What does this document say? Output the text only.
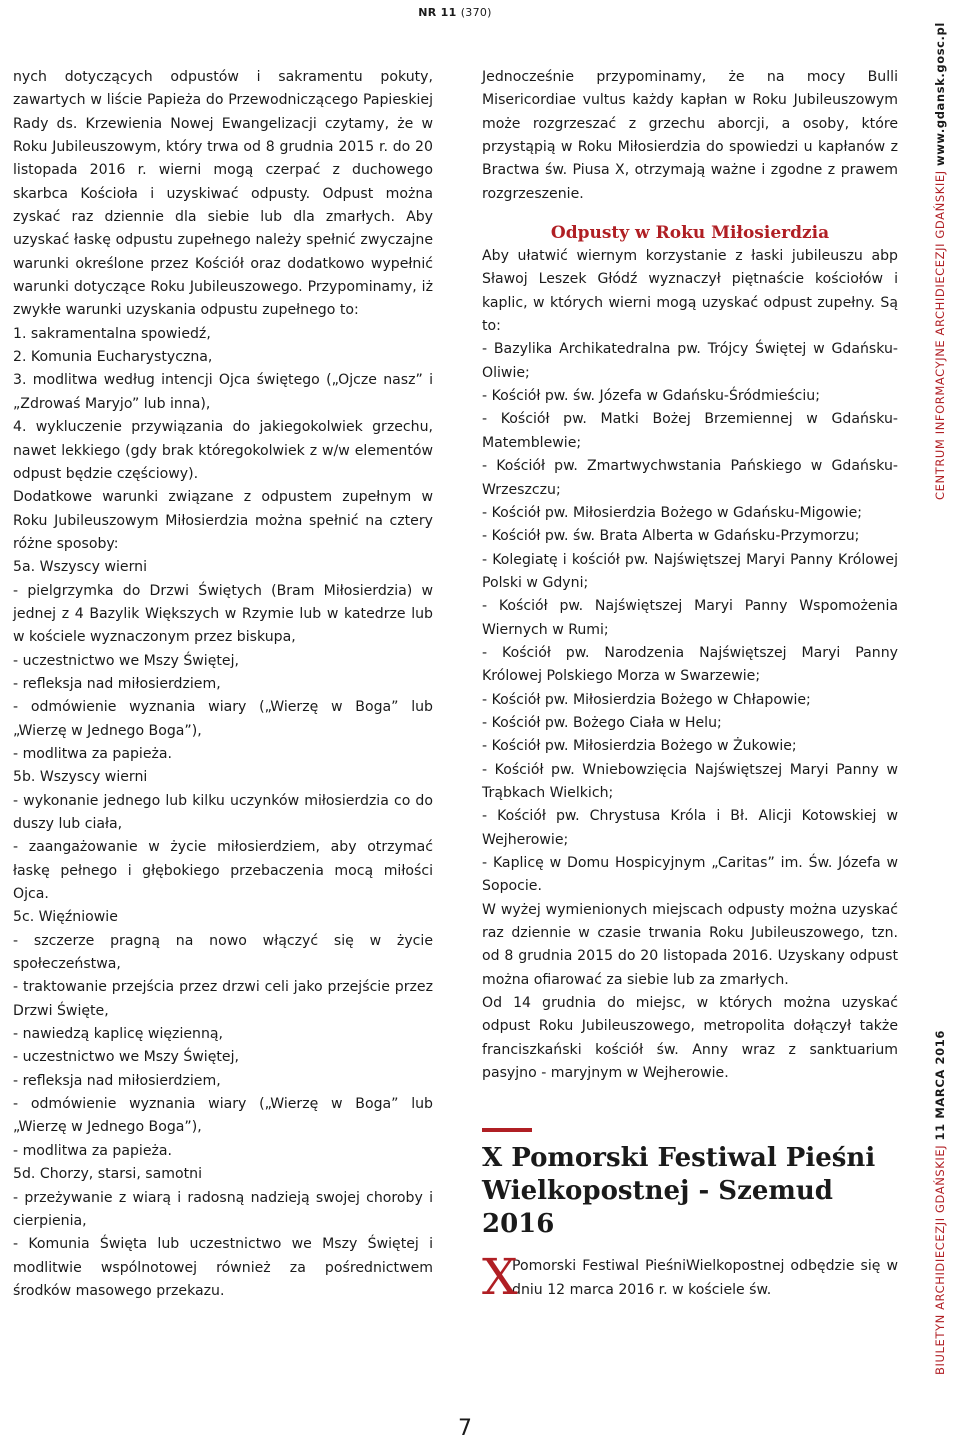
NR 11 (370)

nych dotyczących odpustów i sakramentu pokuty, zawartych w liście Papieża do Przewodniczącego Papieskiej Rady ds. Krzewienia Nowej Ewangelizacji czytamy, że w Roku Jubileuszowym, który trwa od 8 grudnia 2015 r. do 20 listopada 2016 r. wierni mogą czerpać z duchowego skarbca Kościoła i uzyskiwać odpusty. Odpust można zyskać raz dziennie dla siebie lub dla zmarłych. Aby uzyskać łaskę odpustu zupełnego należy spełnić zwyczajne warunki określone przez Kościół oraz dodatkowo wypełnić warunki dotyczące Roku Jubileuszowego. Przypominamy, iż zwykłe warunki uzyskania odpustu zupełnego to:

1. sakramentalna spowiedź,

2. Komunia Eucharystyczna,

3. modlitwa według intencji Ojca świętego („Ojcze nasz” i „Zdrowaś Maryjo” lub inna),

4. wykluczenie przywiązania do jakiegokolwiek grzechu, nawet lekkiego (gdy brak któregokolwiek z w/w elementów odpust będzie częściowy).

Dodatkowe warunki związane z odpustem zupełnym w Roku Jubileuszowym Miłosierdzia można spełnić na cztery różne sposoby:

5a. Wszyscy wierni

- pielgrzymka do Drzwi Świętych (Bram Miłosierdzia) w jednej z 4 Bazylik Większych w Rzymie lub w katedrze lub w kościele wyznaczonym przez biskupa,

- uczestnictwo we Mszy Świętej,

- refleksja nad miłosierdziem,

- odmówienie wyznania wiary („Wierzę w Boga” lub „Wierzę w Jednego Boga”),

- modlitwa za papieża.

5b. Wszyscy wierni

- wykonanie jednego lub kilku uczynków miłosierdzia co do duszy lub ciała,

- zaangażowanie w życie miłosierdziem, aby otrzymać łaskę pełnego i głębokiego przebaczenia mocą miłości Ojca.

5c. Więźniowie

- szczerze pragną na nowo włączyć się w życie społeczeństwa,

- traktowanie przejścia przez drzwi celi jako przejście przez Drzwi Święte,

- nawiedzą kaplicę więzienną,

- uczestnictwo we Mszy Świętej,

- refleksja nad miłosierdziem,

- odmówienie wyznania wiary („Wierzę w Boga” lub „Wierzę w Jednego Boga”),

- modlitwa za papieża.

5d. Chorzy, starsi, samotni

- przeżywanie z wiarą i radosną nadzieją swojej choroby i cierpienia,

- Komunia Święta lub uczestnictwo we Mszy Świętej i modlitwie wspólnotowej również za pośrednictwem środków masowego przekazu.

Jednocześnie przypominamy, że na mocy Bulli Misericordiae vultus każdy kapłan w Roku Jubileuszowym może rozgrzeszać z grzechu aborcji, a osoby, które przystąpią w Roku Miłosierdzia do spowiedzi u kapłanów z Bractwa św. Piusa X, otrzymają ważne i zgodne z prawem rozgrzeszenie.

Odpusty w Roku Miłosierdzia

Aby ułatwić wiernym korzystanie z łaski jubileuszu abp Sławoj Leszek Głódź wyznaczył piętnaście kościołów i kaplic, w których wierni mogą uzyskać odpust zupełny. Są to:

- Bazylika Archikatedralna pw. Trójcy Świętej w Gdańsku-Oliwie;

- Kościół pw. św. Józefa w Gdańsku-Śródmieściu;

- Kościół pw. Matki Bożej Brzemiennej w Gdańsku-Matemblewie;

- Kościół pw. Zmartwychwstania Pańskiego w Gdańsku-Wrzeszczu;

- Kościół pw. Miłosierdzia Bożego w Gdańsku-Migowie;

- Kościół pw. św. Brata Alberta w Gdańsku-Przymorzu;

- Kolegiatę i kościół pw. Najświętszej Maryi Panny Królowej Polski w Gdyni;

- Kościół pw. Najświętszej Maryi Panny Wspomożenia Wiernych w Rumi;

- Kościół pw. Narodzenia Najświętszej Maryi Panny Królowej Polskiego Morza w Swarzewie;

- Kościół pw. Miłosierdzia Bożego w Chłapowie;

- Kościół pw. Bożego Ciała w Helu;

- Kościół pw. Miłosierdzia Bożego w Żukowie;

- Kościół pw. Wniebowzięcia Najświętszej Maryi Panny w Trąbkach Wielkich;

- Kościół pw. Chrystusa Króla i Bł. Alicji Kotowskiej w Wejherowie;

- Kaplicę w Domu Hospicyjnym „Caritas” im. Św. Józefa w Sopocie.

W wyżej wymienionych miejscach odpusty można uzyskać raz dziennie w czasie trwania Roku Jubileuszowego, tzn. od 8 grudnia 2015 do 20 listopada 2016. Uzyskany odpust można ofiarować za siebie lub za zmarłych.

Od 14 grudnia do miejsc, w których można uzyskać odpust Roku Jubileuszowego, metropolita dołączył także franciszkański kościół św. Anny wraz z sanktuarium pasyjno - maryjnym w Wejherowie.

X Pomorski Festiwal Pieśni Wielkopostnej - Szemud 2016
X

Pomorski Festiwal PieśniWielkopostnej odbędzie się w dniu 12 marca 2016 r. w kościele św.

CENTRUM INFORMACYJNE ARCHIDIECEZJI GDAŃSKIEJ www.gdansk.gosc.pl
BIULETYN ARCHIDIECEZJI GDAŃSKIEJ 11 MARCA 2016
7
